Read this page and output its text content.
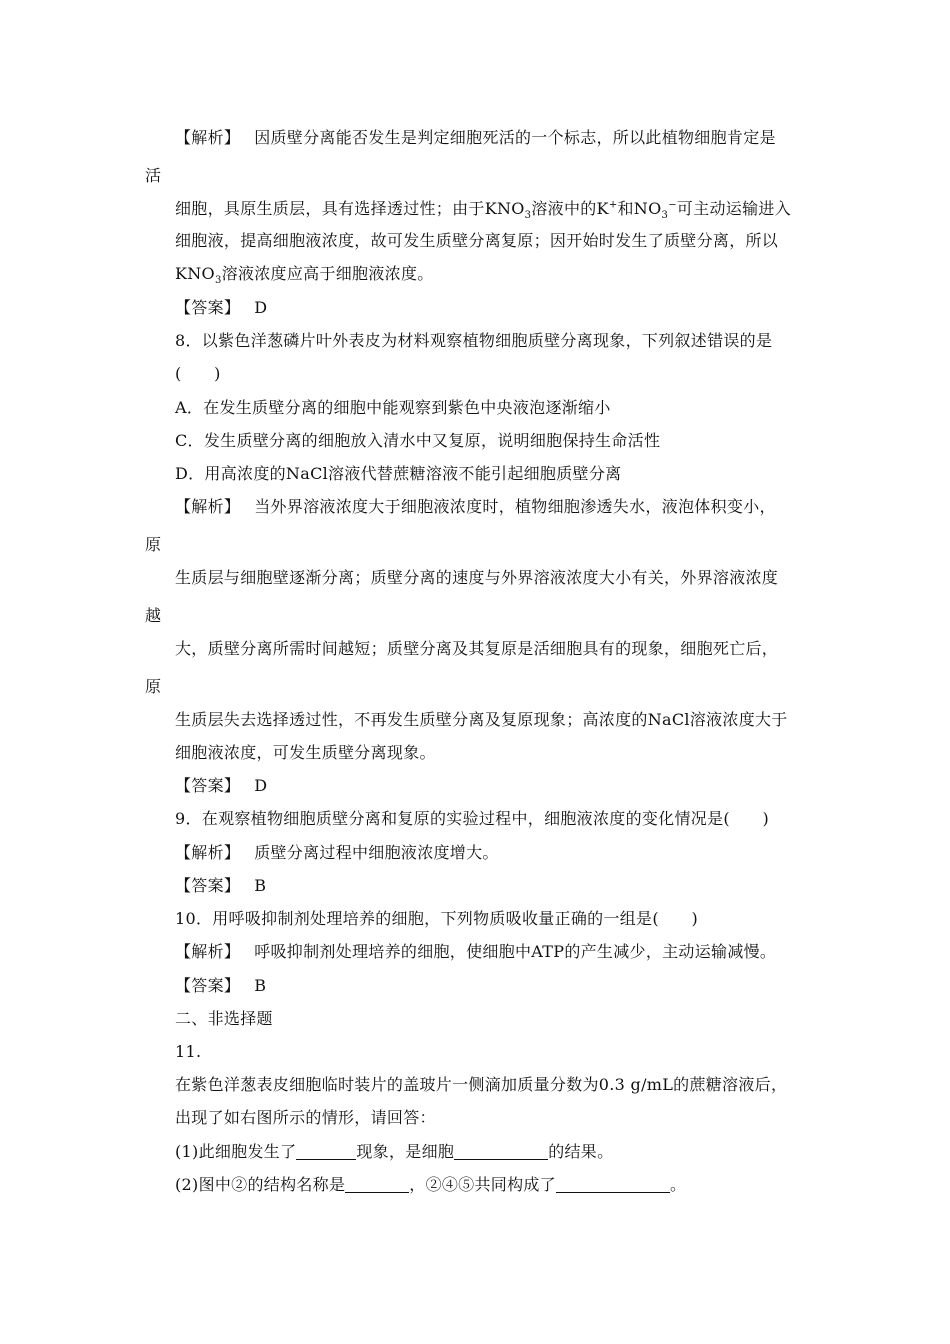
【解析】 因质壁分离能否发生是判定细胞死活的一个标志，所以此植物细胞肯定是
活
细胞，具原生质层，具有选择透过性；由于$KNO_3$溶液中的K+和$NO_3^-$可主动运输进入
细胞液，提高细胞液浓度，故可发生质壁分离复原；因开始时发生了质壁分离，所以
$KNO_3$溶液浓度应高于细胞液浓度。
【答案】 D
8．以紫色洋葱磷片叶外表皮为材料观察植物细胞质壁分离现象，下列叙述错误的是
(　　)
A．在发生质壁分离的细胞中能观察到紫色中央液泡逐渐缩小
C．发生质壁分离的细胞放入清水中又复原，说明细胞保持生命活性
D．用高浓度的NaCl溶液代替蔗糖溶液不能引起细胞质壁分离
【解析】 当外界溶液浓度大于细胞液浓度时，植物细胞渗透失水，液泡体积变小，
原
生质层与细胞壁逐渐分离；质壁分离的速度与外界溶液浓度大小有关，外界溶液浓度
越
大，质壁分离所需时间越短；质壁分离及其复原是活细胞具有的现象，细胞死亡后，
原
生质层失去选择透过性，不再发生质壁分离及复原现象；高浓度的NaCl溶液浓度大于
细胞液浓度，可发生质壁分离现象。
【答案】 D
9．在观察植物细胞质壁分离和复原的实验过程中，细胞液浓度的变化情况是(　　)
【解析】 质壁分离过程中细胞液浓度增大。
【答案】 B
10．用呼吸抑制剂处理培养的细胞，下列物质吸收量正确的一组是(　　)
【解析】 呼吸抑制剂处理培养的细胞，使细胞中ATP的产生减少，主动运输减慢。
【答案】 B
二、非选择题
11.
在紫色洋葱表皮细胞临时装片的盖玻片一侧滴加质量分数为0.3 g/mL的蔗糖溶液后，
出现了如右图所示的情形，请回答：
(1)此细胞发生了	现象，是细胞	的结果。
(2)图中②的结构名称是	，②④⑤共同构成了	。
